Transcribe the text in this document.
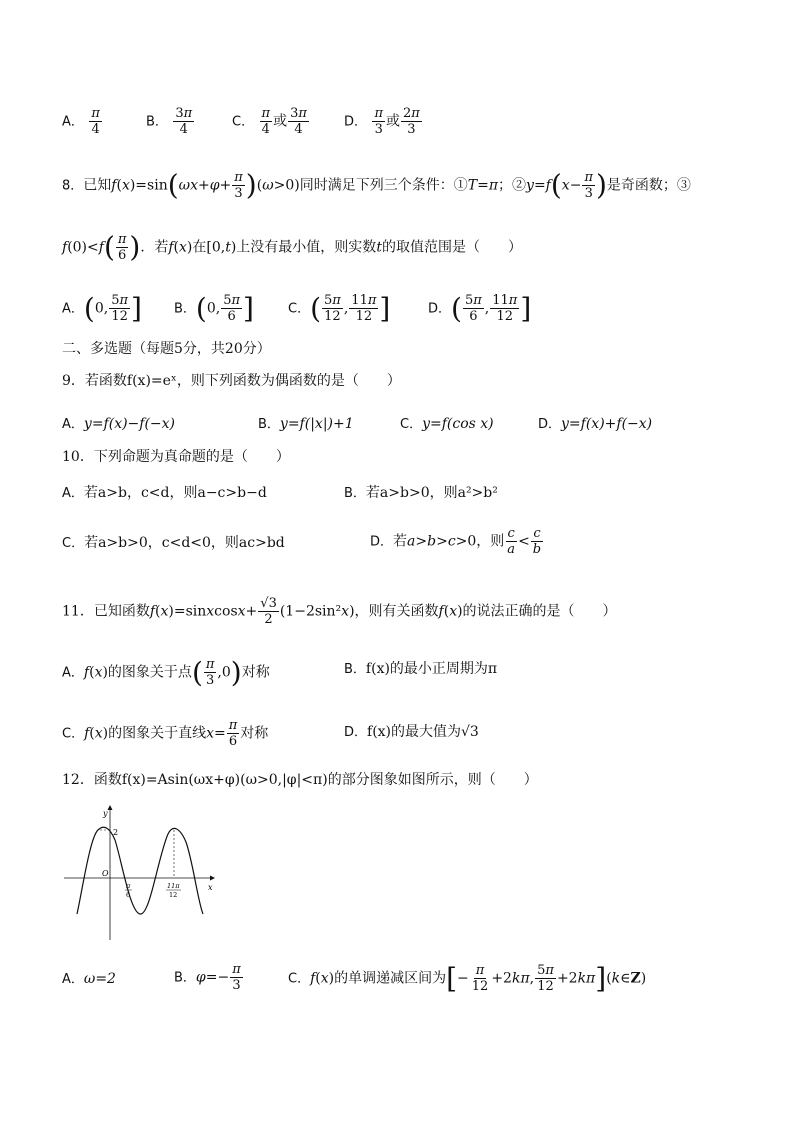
A． $\frac{\pi}{4}$	B． $\frac{3\pi}{4}$	C． $\frac{\pi}{4}$ 或 $\frac{3\pi}{4}$	D． $\frac{\pi}{3}$ 或 $\frac{2\pi}{3}$
8．已知$f(x)=\sin(\omega x+\varphi+ \frac{\pi}{3} )(\omega>0)$同时满足下列三个条件：①T=π；②y=f(x− $\frac{\pi}{3}$ )是奇函数；③
$f(0)<f( \frac{\pi}{6}$ )．若f(x)在[0,t)上没有最小值，则实数t的取值范围是（　　）
A．(0, $\frac{5\pi}{12}$ ] B．(0, $\frac{5\pi}{6}$ ]	C．( $\frac{5\pi}{12}$ , $\frac{11\pi}{12}$ ]	D．( $\frac{5\pi}{6}$ , $\frac{11\pi}{12}$ ]
二、多选题（每题5分，共20分）
9．若函数f(x)=eˣ，则下列函数为偶函数的是（　　）
A．y=f(x)−f(−x)	B．y=f(|x|)+1	C．y=f(cos x)	D．y=f(x)+f(−x)
10．下列命题为真命题的是（　　）
A．若a>b，c<d，则a−c>b−d	B．若a>b>0，则a²>b²
C．若a>b>0，c<d<0，则ac>bd	D．若a>b>c>0，则 $\frac{c}{a} < \frac{c}{b}$
11．已知函数f(x)=sinxcosx+ $\frac{√3}{2} (1-2\sin^2x)$，则有关函数f(x)的说法正确的是（　　）
A．f(x)的图象关于点( $\frac{\pi}{3} ,0$)对称	B．f(x)的最小正周期为π
C．f(x)的图象关于直线$x= \frac{\pi}{6}$ 对称	D．f(x)的最大值为√3
12．函数f(x)=Asin(ωx+φ)(ω>0,|φ|<π)的部分图象如图所示，则（　　）
y
x
O
2
π
6
11π
12
A．ω=2	B．$\varphi=- \frac{\pi}{3}$	C．f(x)的单调递减区间为[− $\frac{\pi}{12} +2k\pi$, $\frac{5\pi}{12}$ +2kπ](k∈Z)
